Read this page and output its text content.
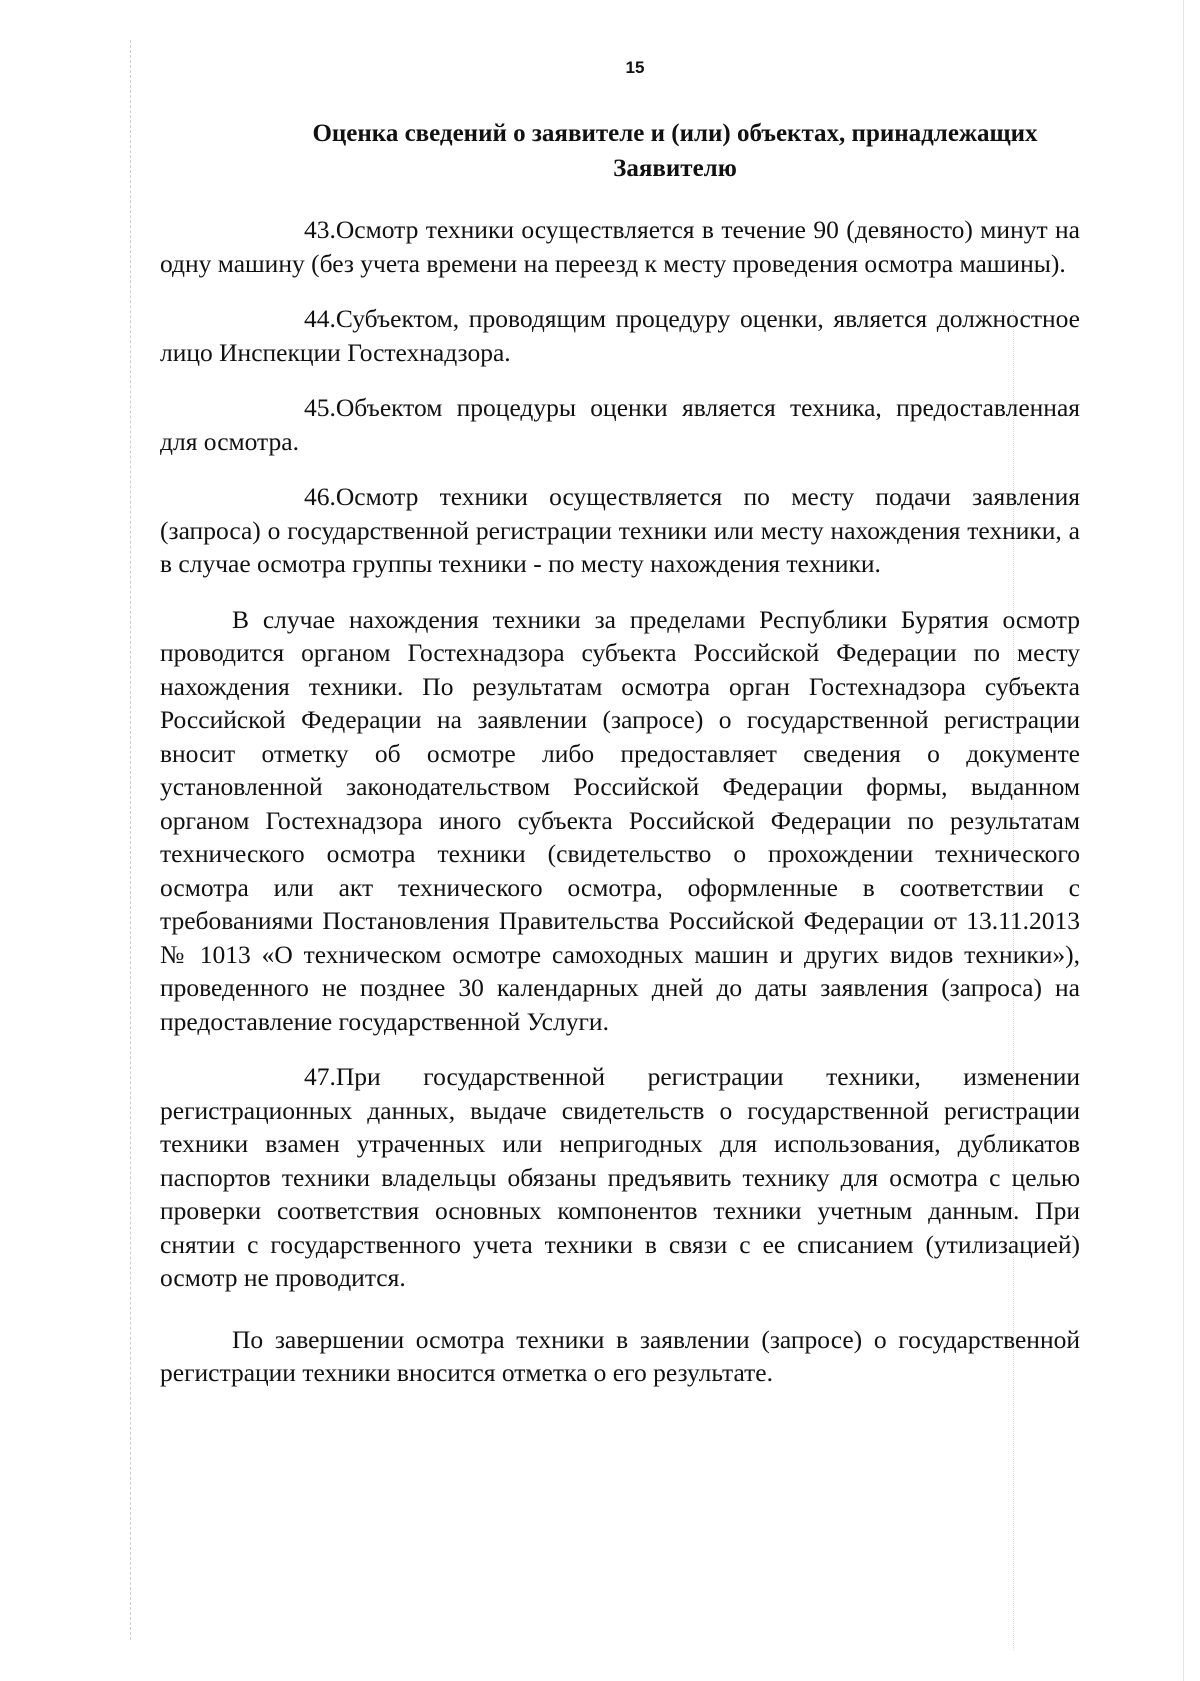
15
Оценка сведений о заявителе и (или) объектах, принадлежащих Заявителю

43.Осмотр техники осуществляется в течение 90 (девяносто) минут на одну машину (без учета времени на переезд к месту проведения осмотра машины).

44.Субъектом, проводящим процедуру оценки, является должностное лицо Инспекции Гостехнадзора.

45.Объектом процедуры оценки является техника, предоставленная для осмотра.

46.Осмотр техники осуществляется по месту подачи заявления (запроса) о государственной регистрации техники или месту нахождения техники, а в случае осмотра группы техники - по месту нахождения техники.

В случае нахождения техники за пределами Республики Бурятия осмотр проводится органом Гостехнадзора субъекта Российской Федерации по месту нахождения техники. По результатам осмотра орган Гостехнадзора субъекта Российской Федерации на заявлении (запросе) о государственной регистрации вносит отметку об осмотре либо предоставляет сведения о документе установленной законодательством Российской Федерации формы, выданном органом Гостехнадзора иного субъекта Российской Федерации по результатам технического осмотра техники (свидетельство о прохождении технического осмотра или акт технического осмотра, оформленные в соответствии с требованиями Постановления Правительства Российской Федерации от 13.11.2013 № 1013 «О техническом осмотре самоходных машин и других видов техники»), проведенного не позднее 30 календарных дней до даты заявления (запроса) на предоставление государственной Услуги.

47.При государственной регистрации техники, изменении регистрационных данных, выдаче свидетельств о государственной регистрации техники взамен утраченных или непригодных для использования, дубликатов паспортов техники владельцы обязаны предъявить технику для осмотра с целью проверки соответствия основных компонентов техники учетным данным. При снятии с государственного учета техники в связи с ее списанием (утилизацией) осмотр не проводится.

По завершении осмотра техники в заявлении (запросе) о государственной регистрации техники вносится отметка о его результате.
